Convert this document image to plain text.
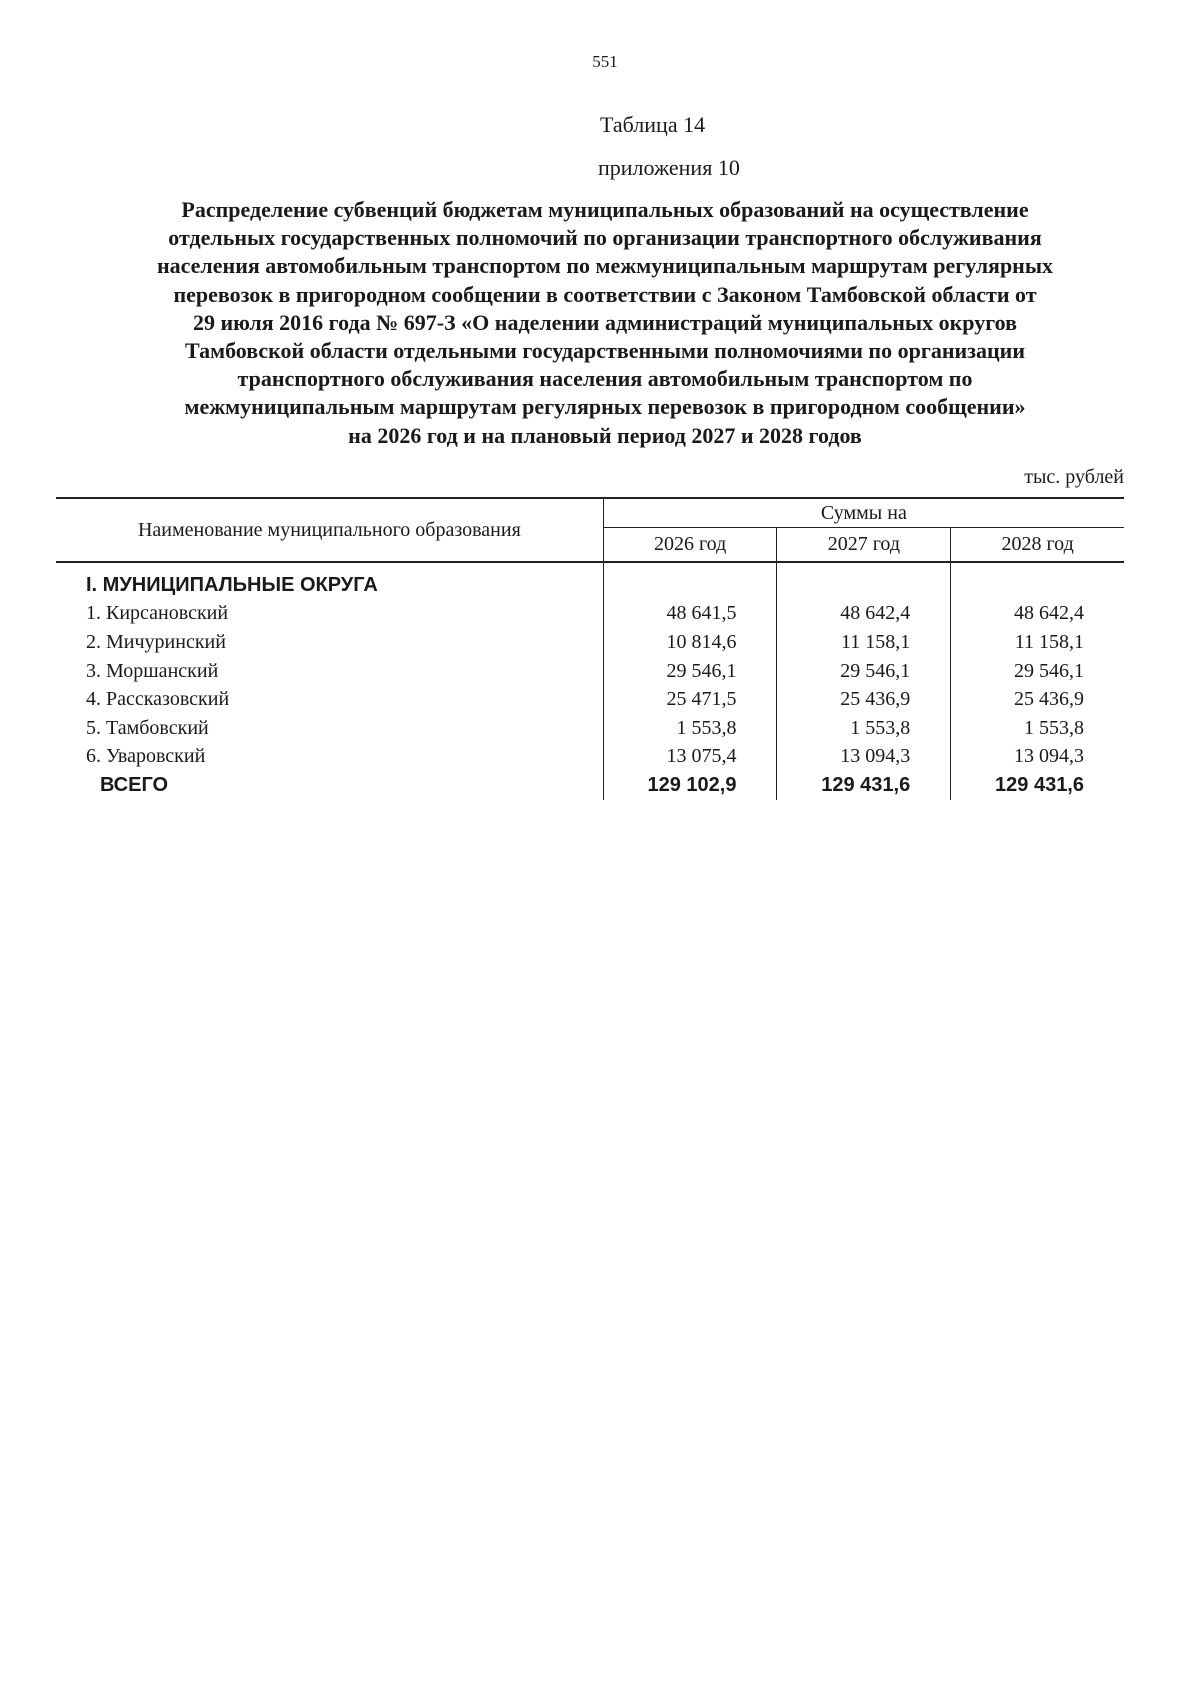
551
Таблица 14
приложения 10
Распределение субвенций бюджетам муниципальных образований на осуществление
отдельных государственных полномочий по организации транспортного обслуживания
населения автомобильным транспортом по межмуниципальным маршрутам регулярных
перевозок в пригородном сообщении в соответствии с Законом Тамбовской области от
29 июля 2016 года № 697-З «О наделении администраций муниципальных округов
Тамбовской области отдельными государственными полномочиями по организации
транспортного обслуживания населения автомобильным транспортом по
межмуниципальным маршрутам регулярных перевозок в пригородном сообщении»
на 2026 год и на плановый период 2027 и 2028 годов
тыс. рублей
Наименование муниципального образования	Суммы на		
	2026 год	2027 год	2028 год
I. МУНИЦИПАЛЬНЫЕ ОКРУГА			
1. Кирсановский	48 641,5	48 642,4	48 642,4
2. Мичуринский	10 814,6	11 158,1	11 158,1
3. Моршанский	29 546,1	29 546,1	29 546,1
4. Рассказовский	25 471,5	25 436,9	25 436,9
5. Тамбовский	1 553,8	1 553,8	1 553,8
6. Уваровский	13 075,4	13 094,3	13 094,3
ВСЕГО	129 102,9	129 431,6	129 431,6
